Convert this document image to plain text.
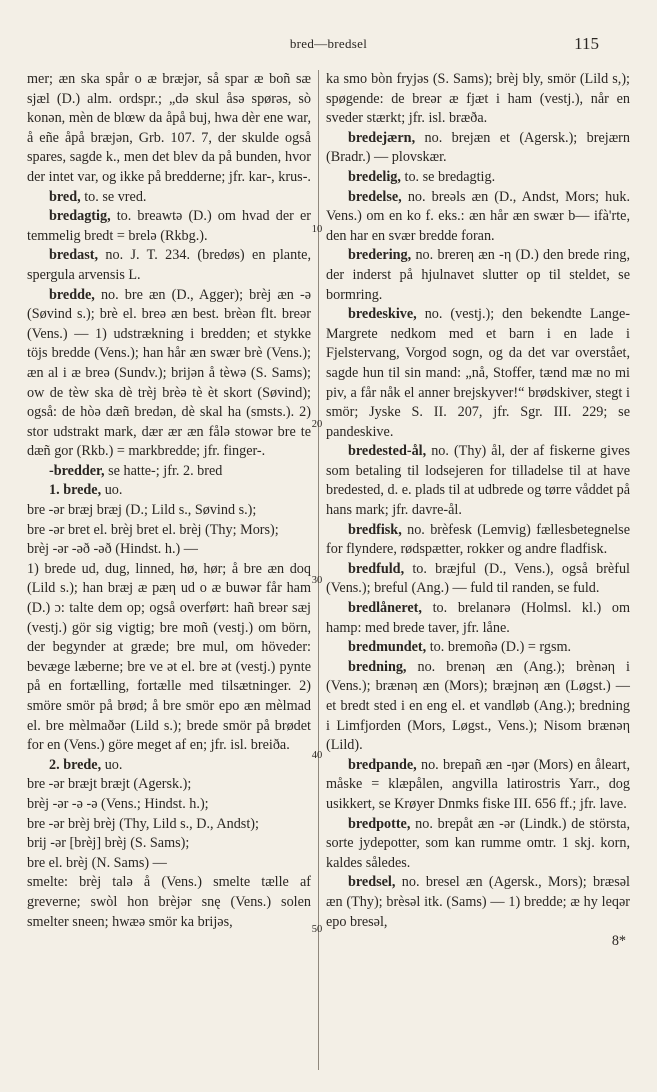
bred—bredsel	115
10
20
30
40
50

mer; æn ska spår o æ bræjər, så spar æ boñ sæ sjæl (D.) alm. ordspr.; „də skul åsə spørəs, sò konən, mèn de blœw da åpå buj, hwa dèr ene war, å eñe åpå bræjən, Grb. 107. 7, der skulde også spares, sagde k., men det blev da på bunden, hvor der intet var, og ikke på bredderne; jfr. kar-, krus-.

bred, to. se vred.

bredagtig, to. breawtə (D.) om hvad der er temmelig bredt = brelə (Rkbg.).

bredast, no. J. T. 234. (bredøs) en plante, spergula arvensis L.

bredde, no. bre æn (D., Agger); brèj æn -ə (Søvind s.); brè el. breə æn best. brèən flt. breər (Vens.) — 1) udstrækning i bredden; et stykke töjs bredde (Vens.); han hår æn swær brè (Vens.); æn al i æ breə (Sundv.); brijən å tèwə (S. Sams); ow de tèw ska dè trèj brèə tè èt skort (Søvind); også: de hòə dæñ bredən, dè skal ha (smsts.). 2) stor udstrakt mark, dær ær æn fålə stowər bre te dæñ gor (Rkb.) = markbredde; jfr. finger-.

-bredder, se hatte-; jfr. 2. bred

1. brede, uo.

bre -ər bræj bræj (D.; Lild s., Søvind s.);

bre -ər bret el. brèj bret el. brèj (Thy; Mors);

brèj -ər -əð -əð (Hindst. h.) —

1) brede ud, dug, linned, hø, hør; å bre æn doq (Lild s.); han bræj æ pæη ud o æ buwər får ham (D.) ɔ: talte dem op; også overført: hañ breər sæj (vestj.) gör sig vigtig; bre moñ (vestj.) om börn, der begynder at græde; bre mul, om höveder: bevæge læberne; bre ve ət el. bre ət (vestj.) pynte på en fortælling, fortælle med tilsætninger. 2) smöre smör på brød; å bre smör epo æn mèlmad el. bre mèlmaðər (Lild s.); brede smör på brødet for en (Vens.) göre meget af en; jfr. isl. breiða.

2. brede, uo.

bre -ər bræjt bræjt (Agersk.);

brèj -ər -ə -ə (Vens.; Hindst. h.);

bre -ər brèj brèj (Thy, Lild s., D., Andst);

brij -ər [brèj] brèj (S. Sams);

bre el. brèj (N. Sams) —

smelte: brèj talə å (Vens.) smelte tælle af greverne; swòl hon brèjər snę (Vens.) solen smelter sneen; hwæə smör ka brijəs,

ka smo bòn fryjəs (S. Sams); brèj bly, smör (Lild s,); spøgende: de breər æ fjæt i ham (vestj.), når en sveder stærkt; jfr. isl. bræða.

bredejærn, no. brejæn et (Agersk.); brejærn (Bradr.) — plovskær.

bredelig, to. se bredagtig.

bredelse, no. breəls æn (D., Andst, Mors; huk. Vens.) om en ko f. eks.: æn hår æn swær b— ifà'rte, den har en svær bredde foran.

bredering, no. brereη æn -η (D.) den brede ring, der inderst på hjulnavet slutter op til steldet, se bormring.

bredeskive, no. (vestj.); den bekendte Lange-Margrete nedkom med et barn i en lade i Fjelstervang, Vorgod sogn, og da det var overstået, sagde hun til sin mand: „nå, Stoffer, tænd mæ no mi piv, a får nåk el anner brejskyver!“ brødskiver, stegt i smör; Jyske S. II. 207, jfr. Sgr. III. 229; se pandeskive.

bredested-ål, no. (Thy) ål, der af fiskerne gives som betaling til lodsejeren for tilladelse til at have bredested, d. e. plads til at udbrede og tørre våddet på hans mark; jfr. davre-ål.

bredfisk, no. brèfesk (Lemvig) fællesbetegnelse for flyndere, rødspætter, rokker og andre fladfisk.

bredfuld, to. bræjful (D., Vens.), også brèful (Vens.); breful (Ang.) — fuld til randen, se fuld.

bredlåneret, to. brelanərə (Holmsl. kl.) om hamp: med brede taver, jfr. låne.

bredmundet, to. bremoñə (D.) = rgsm.

bredning, no. brenəη æn (Ang.); brènəη i (Vens.); brænəη æn (Mors); bræjnəη æn (Løgst.) — et bredt sted i en eng el. et vandløb (Ang.); bredning i Limfjorden (Mors, Løgst., Vens.); Nisom brænəη (Lild).

bredpande, no. brepañ æn -ŋər (Mors) en åleart, måske = klæpålen, angvilla latirostris Yarr., dog usikkert, se Krøyer Dnmks fiske III. 656 ff.; jfr. lave.

bredpotte, no. brepåt æn -ər (Lindk.) de största, sorte jydepotter, som kan rumme omtr. 1 skj. korn, kaldes således.

bredsel, no. bresel æn (Agersk., Mors); bræsəl æn (Thy); brèsəl itk. (Sams) — 1) bredde; æ hy leqər epo bresəl,

8*
